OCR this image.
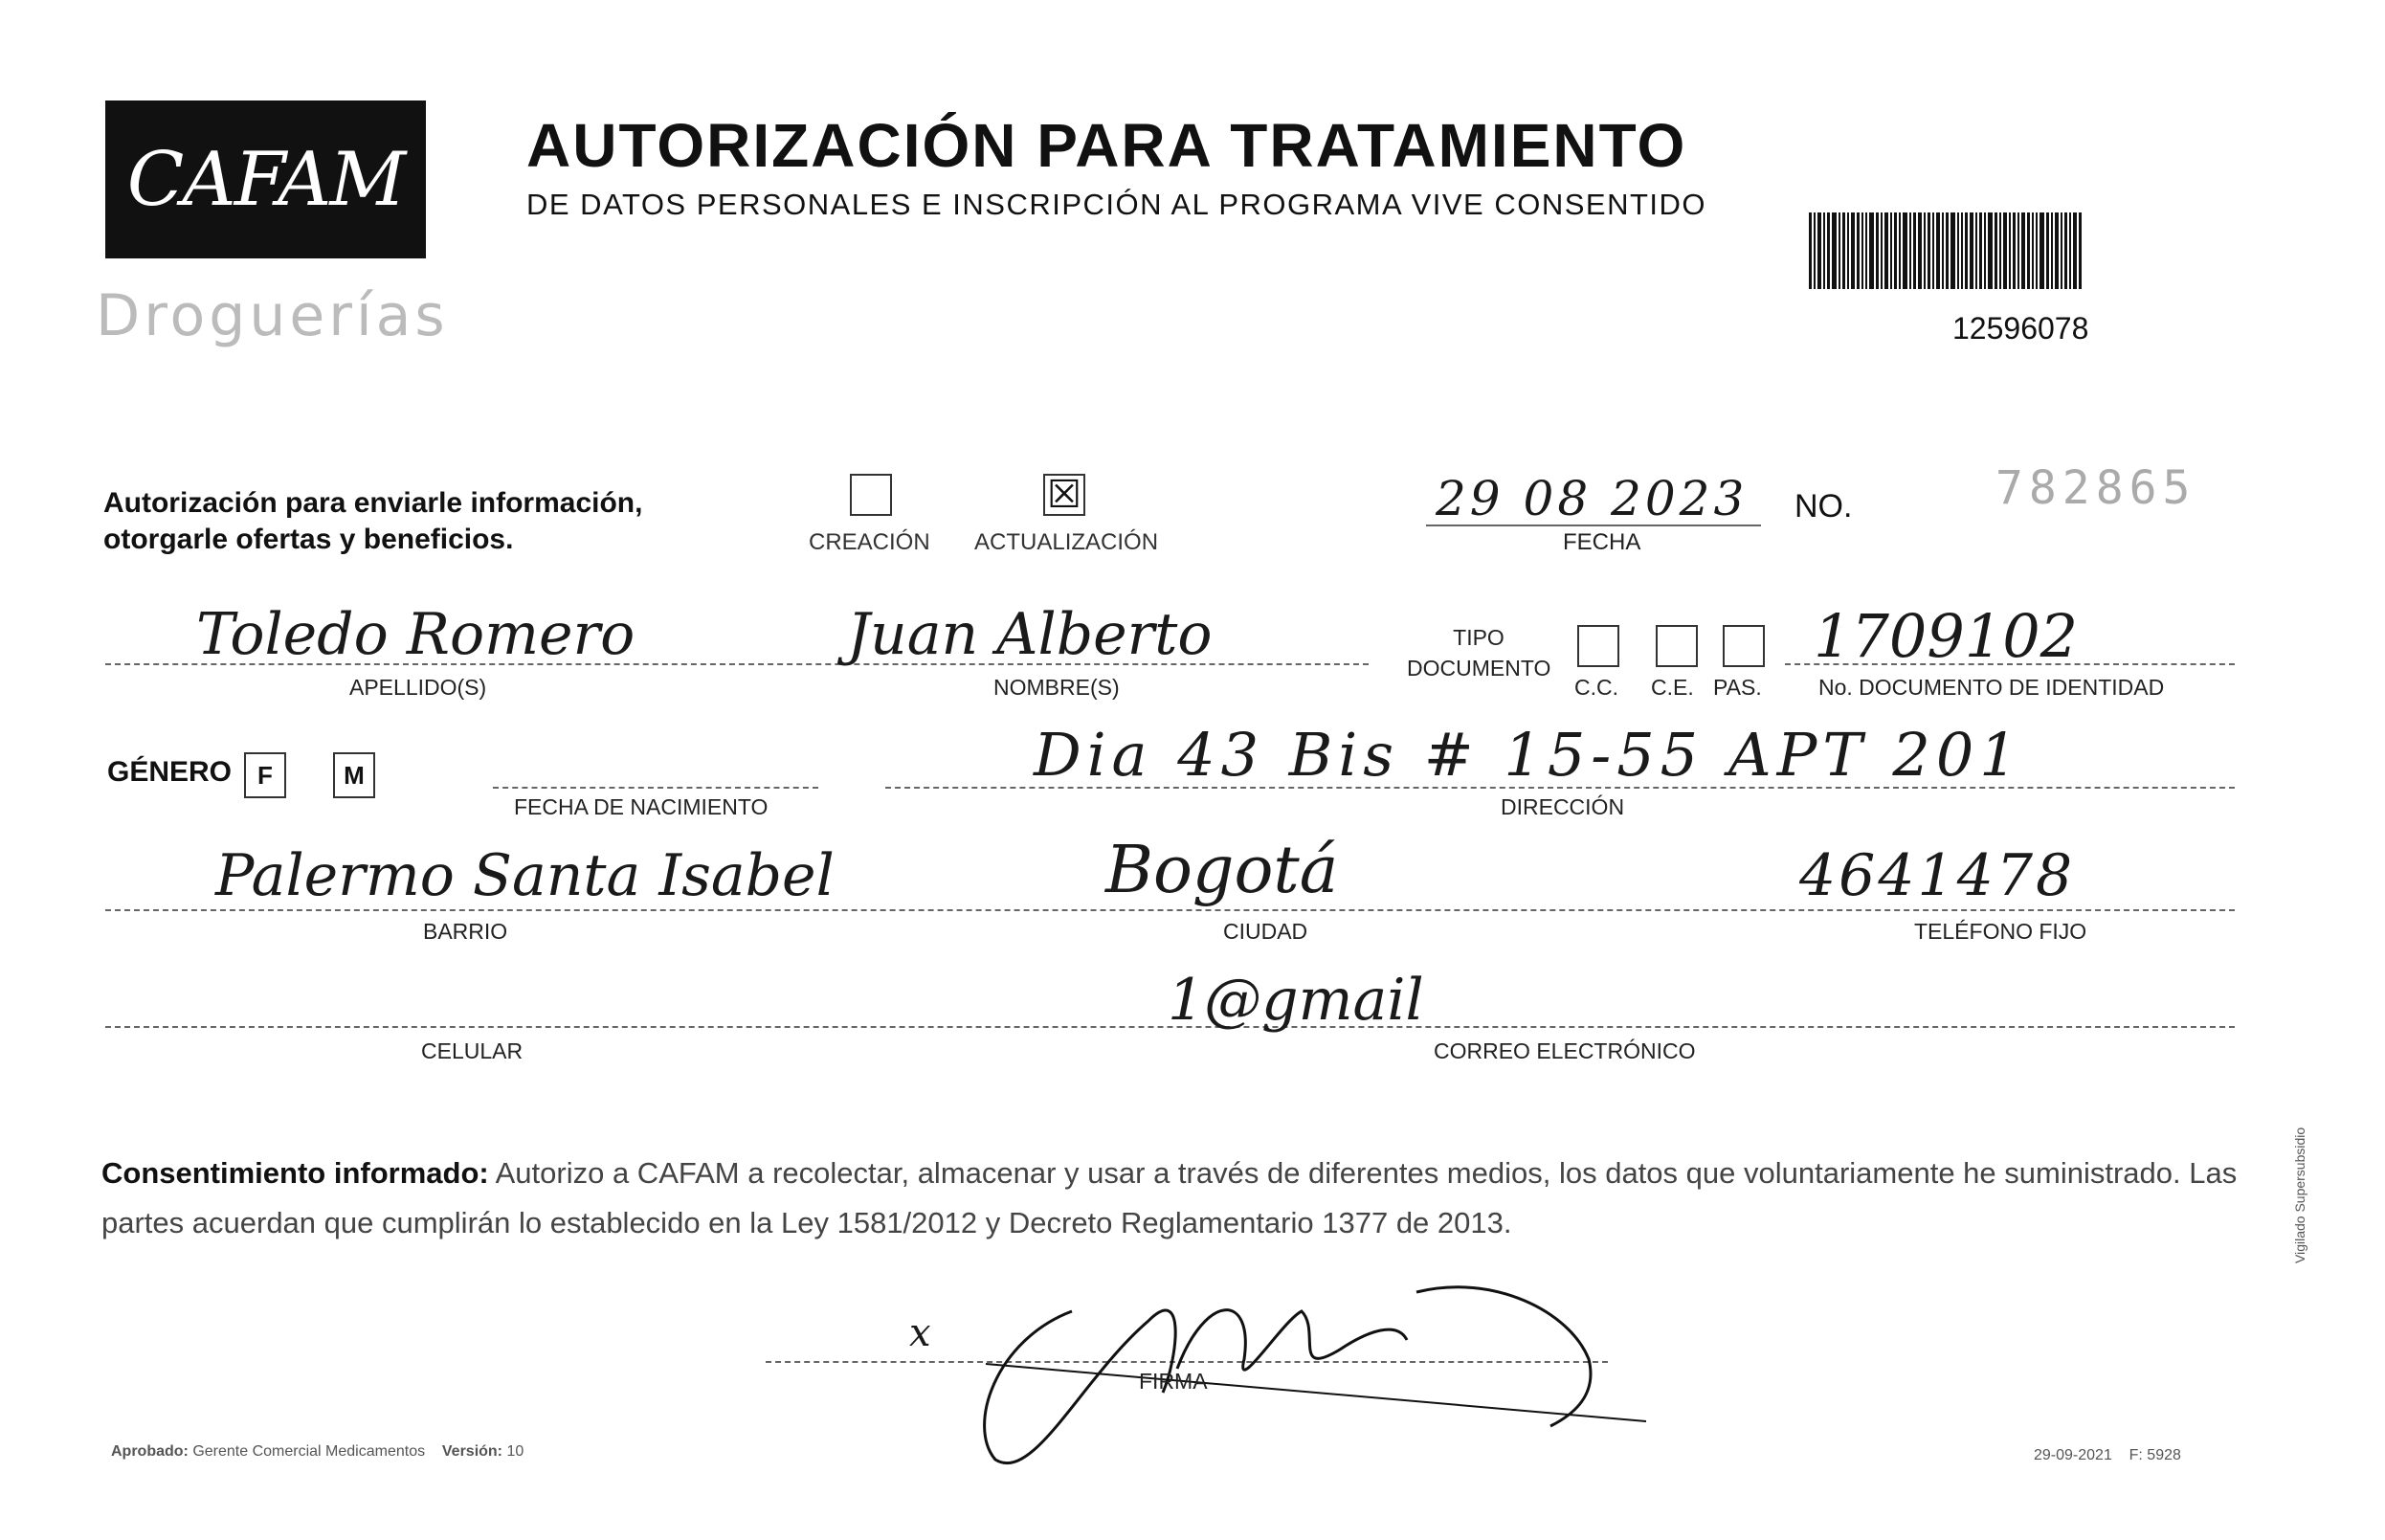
CAFAM
Droguerías
AUTORIZACIÓN PARA TRATAMIENTO
DE DATOS PERSONALES E INSCRIPCIÓN AL PROGRAMA VIVE CONSENTIDO
12596078
Autorización para enviarle información,
otorgarle ofertas y beneficios.	CREACIÓN
☒
ACTUALIZACIÓN
29 08 2023
FECHA
NO.	782865
Toledo Romero
APELLIDO(S)
Juan Alberto
NOMBRE(S)
TIPO DOCUMENTO
C.C. C.E. PAS.
1709102
No. DOCUMENTO DE IDENTIDAD
GÉNERO	F	M
FECHA DE NACIMIENTO
Dia 43 Bis # 15-55 APT 201
DIRECCIÓN
Palermo Santa Isabel
BARRIO
Bogotá
CIUDAD
4641478
TELÉFONO FIJO
CELULAR
1@gmail
CORREO ELECTRÓNICO
Consentimiento informado: Autorizo a CAFAM a recolectar, almacenar y usar a través de diferentes medios, los datos que voluntariamente he suministrado. Las partes acuerdan que cumplirán lo establecido en la Ley 1581/2012 y Decreto Reglamentario 1377 de 2013.
x
FIRMA
Aprobado: Gerente Comercial Medicamentos Versión: 10	29-09-2021 F: 5928
Vigilado Supersubsidio
